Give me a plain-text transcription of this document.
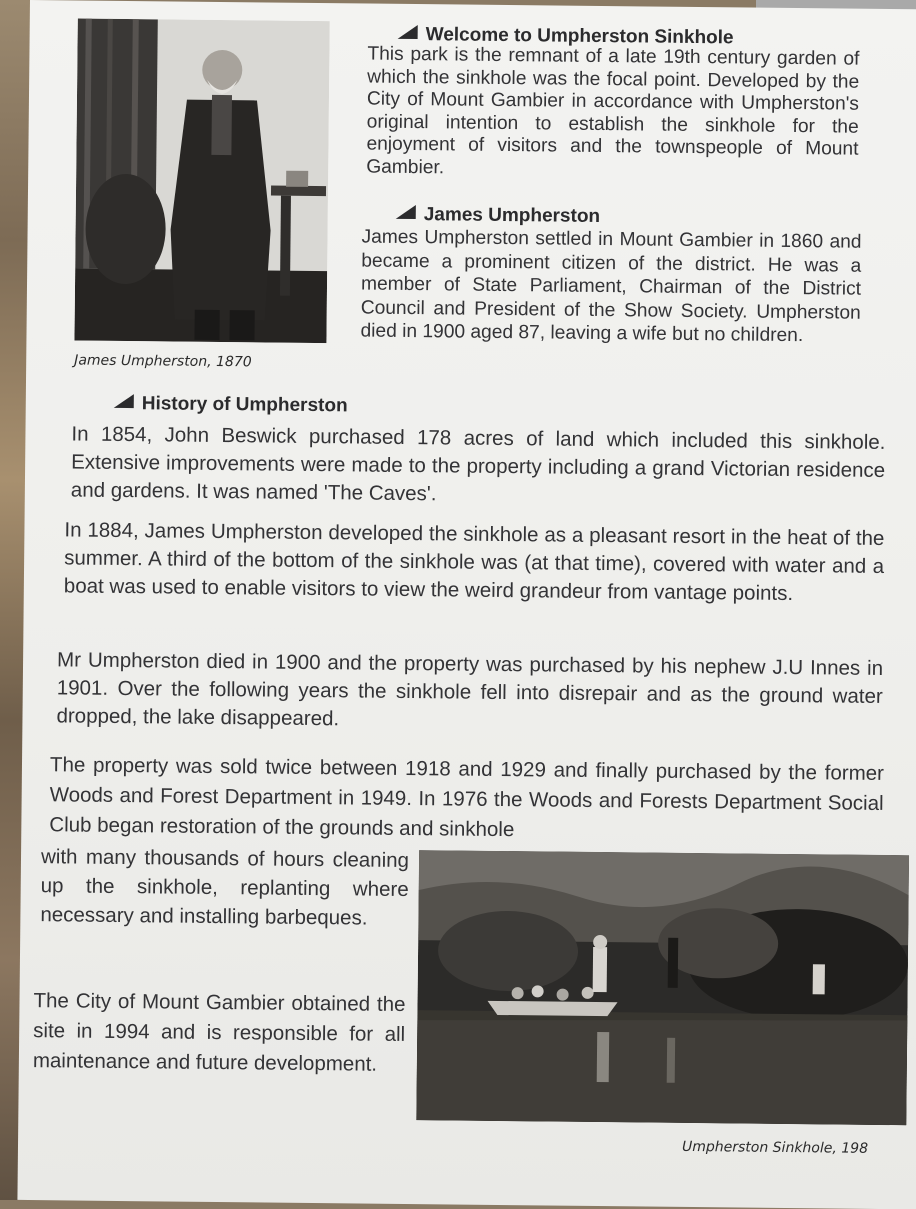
James Umpherston, 1870
Welcome to Umpherston Sinkhole
This park is the remnant of a late 19th century garden of which the sinkhole was the focal point. Developed by the City of Mount Gambier in accordance with Umpherston's original intention to establish the sinkhole for the enjoyment of visitors and the townspeople of Mount Gambier.
James Umpherston
James Umpherston settled in Mount Gambier in 1860 and became a prominent citizen of the district. He was a member of State Parliament, Chairman of the District Council and President of the Show Society. Umpherston died in 1900 aged 87, leaving a wife but no children.
History of Umpherston
In 1854, John Beswick purchased 178 acres of land which included this sinkhole. Extensive improvements were made to the property including a grand Victorian residence and gardens. It was named 'The Caves'.
In 1884, James Umpherston developed the sinkhole as a pleasant resort in the heat of the summer. A third of the bottom of the sinkhole was (at that time), covered with water and a boat was used to enable visitors to view the weird grandeur from vantage points.
Mr Umpherston died in 1900 and the property was purchased by his nephew J.U Innes in 1901. Over the following years the sinkhole fell into disrepair and as the ground water dropped, the lake disappeared.
The property was sold twice between 1918 and 1929 and finally purchased by the former Woods and Forest Department in 1949. In 1976 the Woods and Forests Department Social Club began restoration of the grounds and sinkhole
with many thousands of hours cleaning up the sinkhole, replanting where necessary and installing barbeques.
The City of Mount Gambier obtained the site in 1994 and is responsible for all maintenance and future development.
Umpherston Sinkhole, 198
